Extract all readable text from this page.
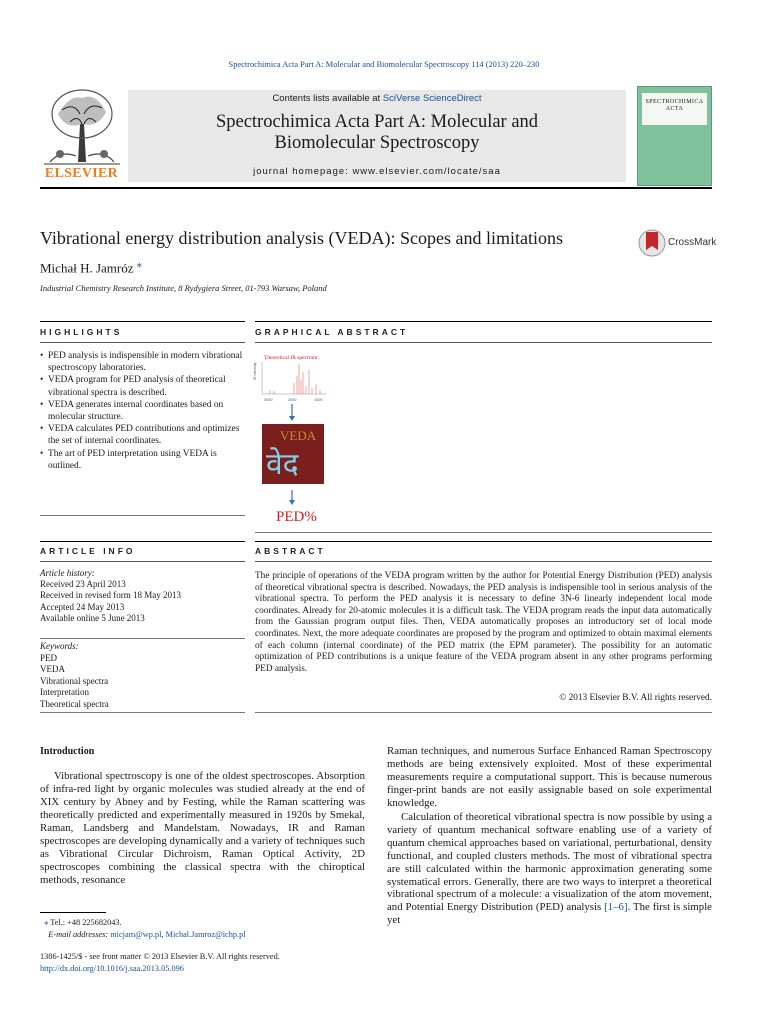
Spectrochimica Acta Part A: Molecular and Biomolecular Spectroscopy 114 (2013) 220–230
ELSEVIER
Contents lists available at SciVerse ScienceDirect
Spectrochimica Acta Part A: Molecular and
Biomolecular Spectroscopy
journal homepage: www.elsevier.com/locate/saa
SPECTROCHIMICA
ACTA
Vibrational energy distribution analysis (VEDA): Scopes and limitations	CrossMark
Michał H. Jamróz ⁎
Industrial Chemistry Research Institute, 8 Rydygiera Street, 01-793 Warsaw, Poland
HIGHLIGHTS
• PED analysis is indispensible in modern vibrational spectroscopy laboratories.
• VEDA program for PED analysis of theoretical vibrational spectra is described.
• VEDA generates internal coordinates based on molecular structure.
• VEDA calculates PED contributions and optimizes the set of internal coordinates.
• The art of PED interpretation using VEDA is outlined.
ARTICLE INFO
Article history:
Received 23 April 2013
Received in revised form 18 May 2013
Accepted 24 May 2013
Available online 5 June 2013
Keywords:
PED
VEDA
Vibrational spectra
Interpretation
Theoretical spectra
GRAPHICAL ABSTRACT
Theoretical IR spectrum
IR intensity
3000	2000	1000
VEDA
वेद
PED%
ABSTRACT
The principle of operations of the VEDA program written by the author for Potential Energy Distribution (PED) analysis of theoretical vibrational spectra is described. Nowadays, the PED analysis is indispensible tool in serious analysis of the vibrational spectra. To perform the PED analysis it is necessary to define 3N-6 linearly independent local mode coordinates. Already for 20-atomic molecules it is a difficult task. The VEDA program reads the input data automatically from the Gaussian program output files. Then, VEDA automatically proposes an introductory set of local mode coordinates. Next, the more adequate coordinates are proposed by the program and optimized to obtain maximal elements of each column (internal coordinate) of the PED matrix (the EPM parameter). The possibility for an automatic optimization of PED contributions is a unique feature of the VEDA program absent in any other programs performing PED analysis.
© 2013 Elsevier B.V. All rights reserved.
Introduction

Vibrational spectroscopy is one of the oldest spectroscopes. Absorption of infra-red light by organic molecules was studied already at the end of XIX century by Abney and by Festing, while the Raman scattering was theoretically predicted and experimentally measured in 1920s by Smekal, Raman, Landsberg and Mandelstam. Nowadays, IR and Raman spectroscopes are developing dynamically and a variety of techniques such as Vibrational Circular Dichroism, Raman Optical Activity, 2D spectroscopes combining the classical spectra with the chiroptical methods, resonance

Raman techniques, and numerous Surface Enhanced Raman Spectroscopy methods are being extensively exploited. Most of these experimental measurements require a computational support. This is because numerous finger-print bands are not easily assignable based on sole experimental knowledge.

Calculation of theoretical vibrational spectra is now possible by using a variety of quantum mechanical software enabling use of a variety of quantum chemical approaches based on variational, perturbational, density functional, and coupled clusters methods. The most of vibrational spectra are still calculated within the harmonic approximation generating some systematical errors. Generally, there are two ways to interpret a theoretical vibrational spectrum of a molecule: a visualization of the atom movement, and Potential Energy Distribution (PED) analysis [1–6]. The first is simple yet

⁎ Tel.: +48 225682043.
E-mail addresses: micjam@wp.pl, Michal.Jamroz@ichp.pl
1386-1425/$ - see front matter © 2013 Elsevier B.V. All rights reserved.
http://dx.doi.org/10.1016/j.saa.2013.05.096
